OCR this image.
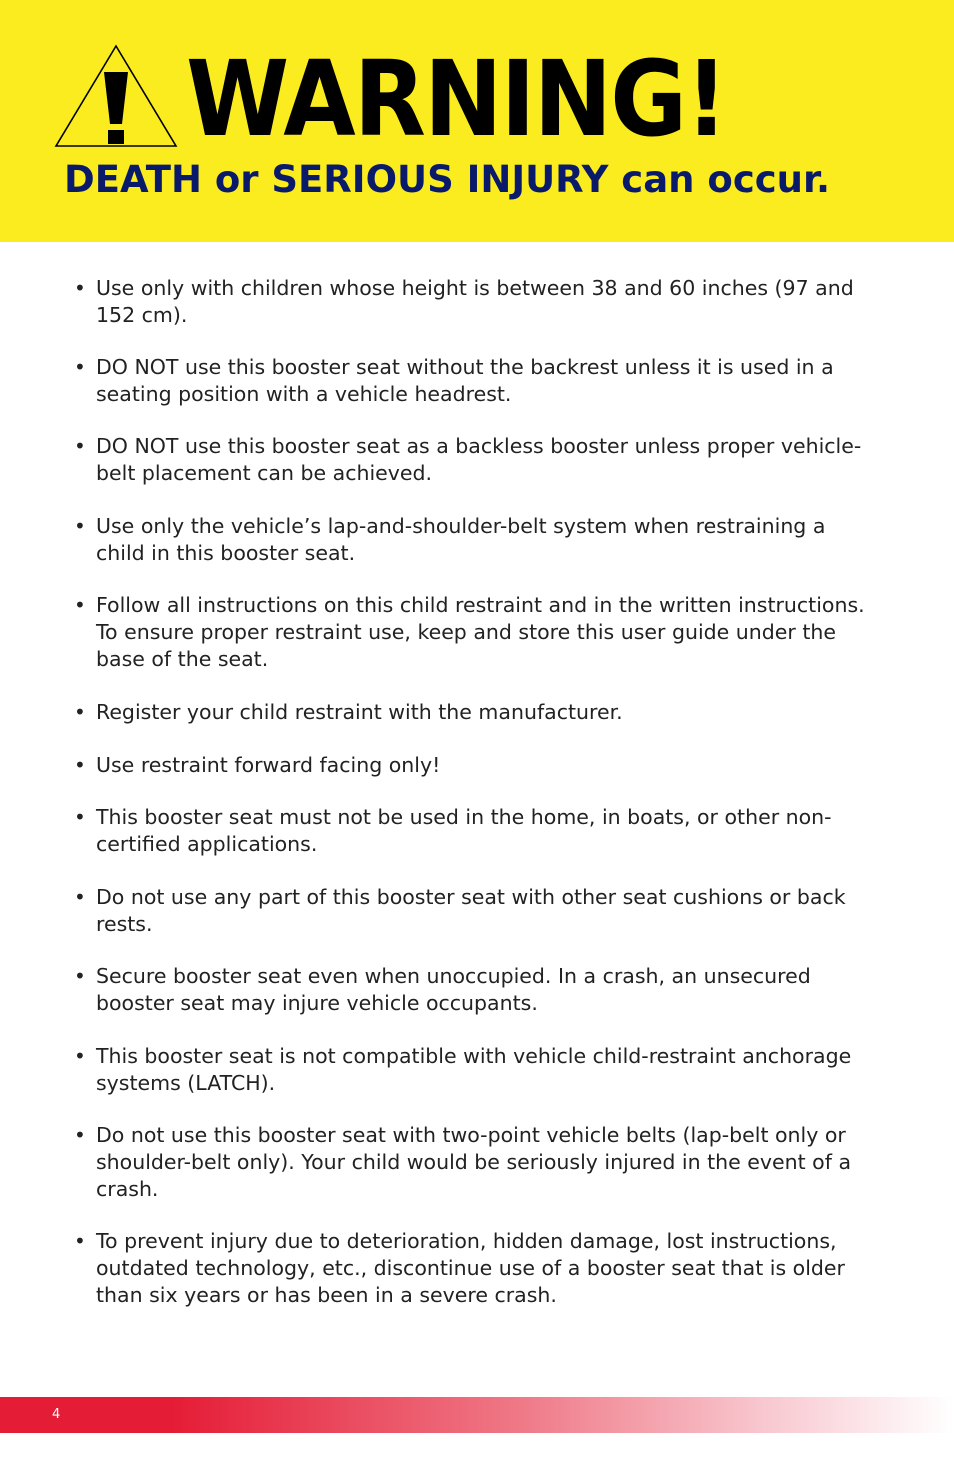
WARNING!
DEATH or SERIOUS INJURY can occur.
• Use only with children whose height is between 38 and 60 inches (97 and 152 cm).
• DO NOT use this booster seat without the backrest unless it is used in a seating position with a vehicle headrest.
• DO NOT use this booster seat as a backless booster unless proper vehicle-belt placement can be achieved.
• Use only the vehicle’s lap-and-shoulder-belt system when restraining a child in this booster seat.
• Follow all instructions on this child restraint and in the written instructions. To ensure proper restraint use, keep and store this user guide under the base of the seat.
• Register your child restraint with the manufacturer.
• Use restraint forward facing only!
• This booster seat must not be used in the home, in boats, or other non-certified applications.
• Do not use any part of this booster seat with other seat cushions or back rests.
• Secure booster seat even when unoccupied. In a crash, an unsecured booster seat may injure vehicle occupants.
• This booster seat is not compatible with vehicle child-restraint anchorage systems (LATCH).
• Do not use this booster seat with two-point vehicle belts (lap-belt only or shoulder-belt only). Your child would be seriously injured in the event of a crash.
• To prevent injury due to deterioration, hidden damage, lost instructions, outdated technology, etc., discontinue use of a booster seat that is older than six years or has been in a severe crash.
4
